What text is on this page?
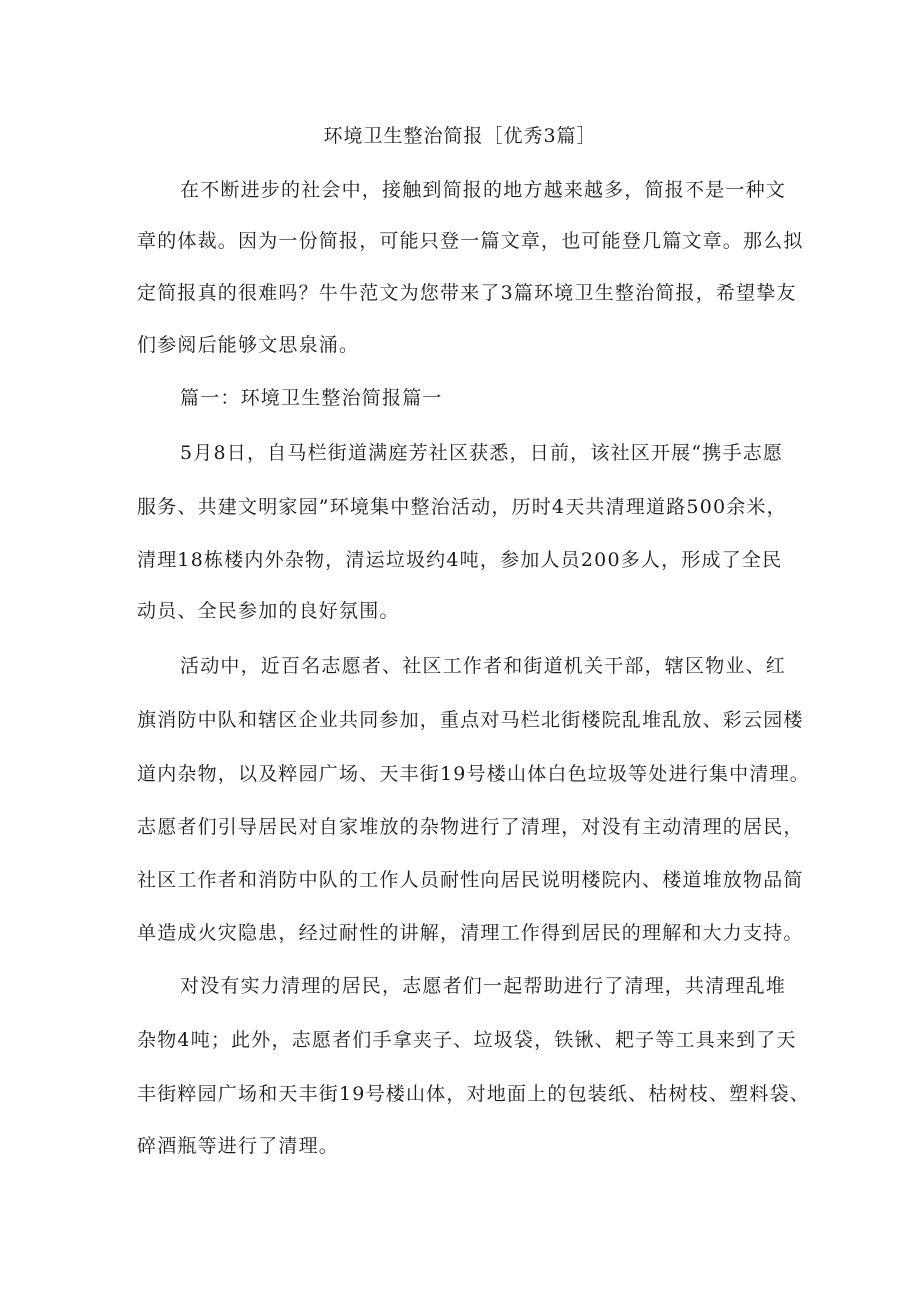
环境卫生整治简报［优秀3篇］

在不断进步的社会中，接触到简报的地方越来越多，简报不是一种文

章的体裁。因为一份简报，可能只登一篇文章，也可能登几篇文章。那么拟

定简报真的很难吗？牛牛范文为您带来了3篇环境卫生整治简报，希望挚友

们参阅后能够文思泉涌。

篇一：环境卫生整治简报篇一

5月8日，自马栏街道满庭芳社区获悉，日前，该社区开展“携手志愿

服务、共建文明家园”环境集中整治活动，历时4天共清理道路500余米，

清理18栋楼内外杂物，清运垃圾约4吨，参加人员200多人，形成了全民

动员、全民参加的良好氛围。

活动中，近百名志愿者、社区工作者和街道机关干部，辖区物业、红

旗消防中队和辖区企业共同参加，重点对马栏北街楼院乱堆乱放、彩云园楼

道内杂物，以及粹园广场、天丰街19号楼山体白色垃圾等处进行集中清理。

志愿者们引导居民对自家堆放的杂物进行了清理，对没有主动清理的居民，

社区工作者和消防中队的工作人员耐性向居民说明楼院内、楼道堆放物品简

单造成火灾隐患，经过耐性的讲解，清理工作得到居民的理解和大力支持。

对没有实力清理的居民，志愿者们一起帮助进行了清理，共清理乱堆

杂物4吨；此外，志愿者们手拿夹子、垃圾袋，铁锹、耙子等工具来到了天

丰街粹园广场和天丰街19号楼山体，对地面上的包装纸、枯树枝、塑料袋、

碎酒瓶等进行了清理。
